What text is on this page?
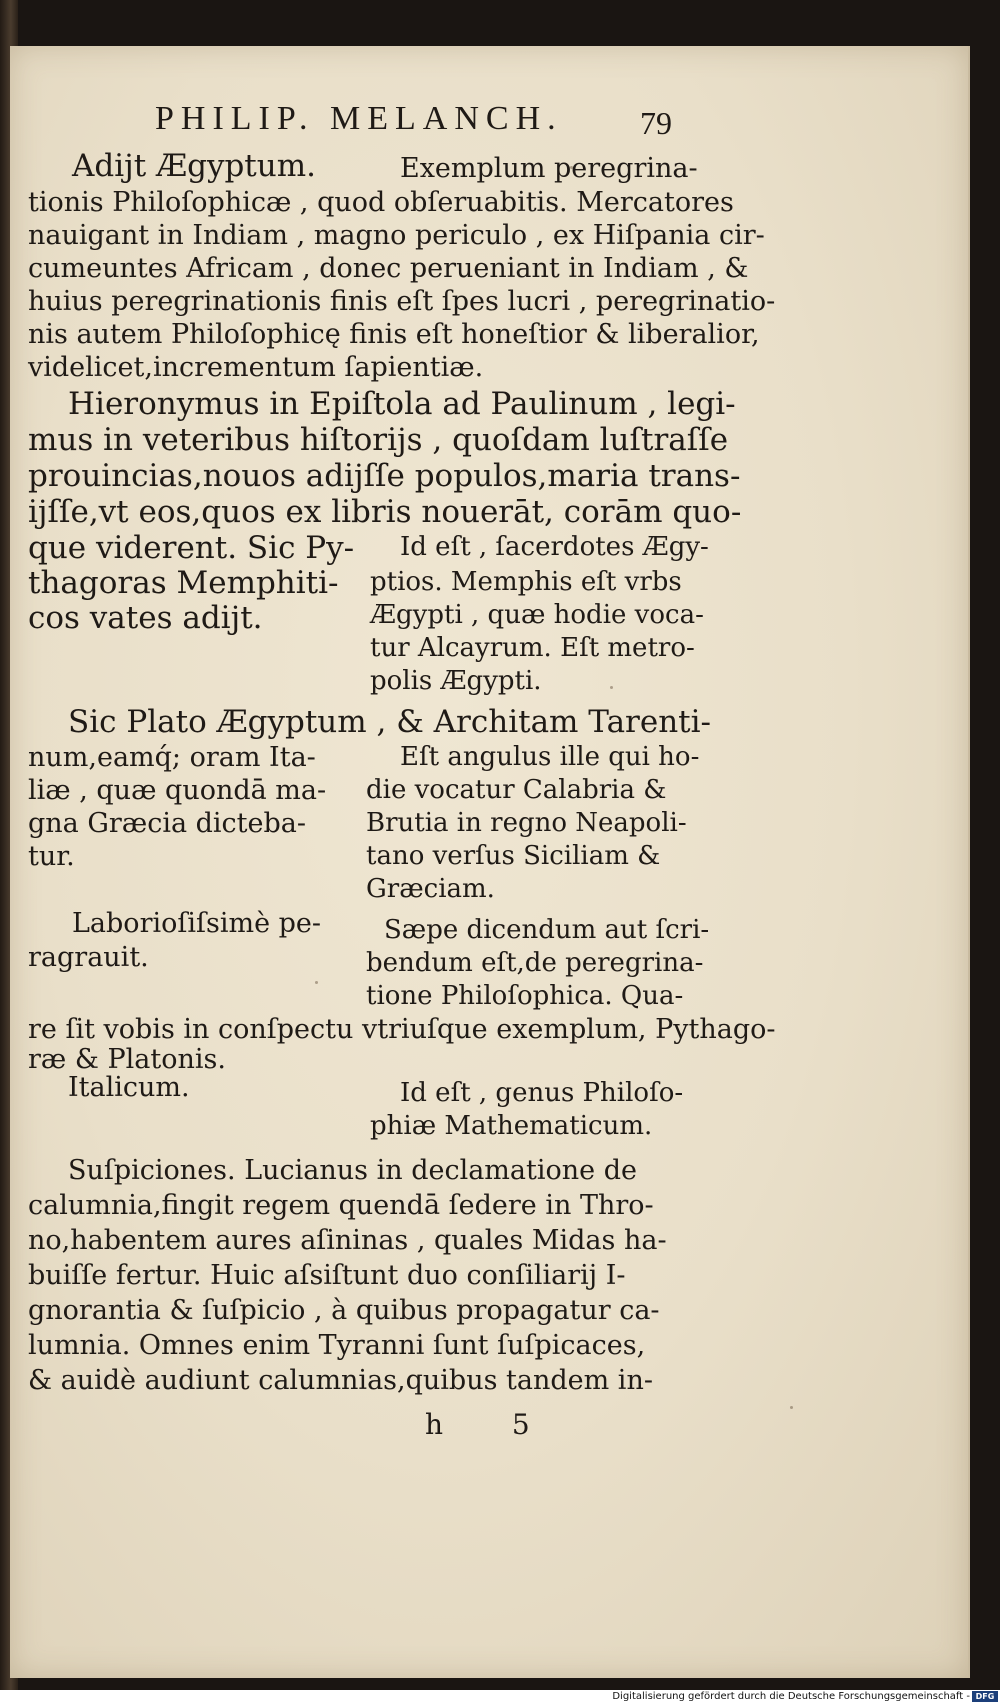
PHILIP. MELANCH. 79
Adijt Ægyptum.	Exemplum peregrina-
tionis Philoſophicæ , quod obſeruabitis. Mercatores
nauigant in Indiam , magno periculo , ex Hiſpania cir-
cumeuntes Africam , donec perueniant in Indiam , &
huius peregrinationis finis eſt ſpes lucri , peregrinatio-
nis autem Philoſophicę finis eſt honeſtior & liberalior,
videlicet,incrementum ſapientiæ.
Hieronymus in Epiſtola ad Paulinum , legi-
mus in veteribus hiſtorijs , quoſdam luſtraſſe
prouincias,nouos adijſſe populos,maria trans-
ijſſe,vt eos,quos ex libris nouerāt, corām quo-
que viderent. Sic Py-
thagoras Memphiti-
cos vates adijt.
Id eſt , ſacerdotes Ægy-
ptios. Memphis eſt vrbs
Ægypti , quæ hodie voca-
tur Alcayrum. Eſt metro-
polis Ægypti.
Sic Plato Ægyptum , & Architam Tarenti-
num,eamq́; oram Ita-
liæ , quæ quondā ma-
gna Græcia dicteba-
tur.
Eſt angulus ille qui ho-
die vocatur Calabria &
Brutia in regno Neapoli-
tano verſus Siciliam &
Græciam.
Laborioſiſsimè pe-
ragrauit.
Sæpe dicendum aut ſcri-
bendum eſt,de peregrina-
tione Philoſophica. Qua-
re ſit vobis in conſpectu vtriuſque exemplum, Pythago-
ræ & Platonis.
Italicum.	Id eſt , genus Philoſo-
phiæ Mathematicum.
Suſpiciones. Lucianus in declamatione de
calumnia,fingit regem quendā ſedere in Thro-
no,habentem aures aſininas , quales Midas ha-
buiſſe fertur. Huic aſsiſtunt duo conſiliarij I-
gnorantia & ſuſpicio , à quibus propagatur ca-
lumnia. Omnes enim Tyranni ſunt ſuſpicaces,
& auidè audiunt calumnias,quibus tandem in-
h 5
Digitalisierung gefördert durch die Deutsche Forschungsgemeinschaft - DFG
